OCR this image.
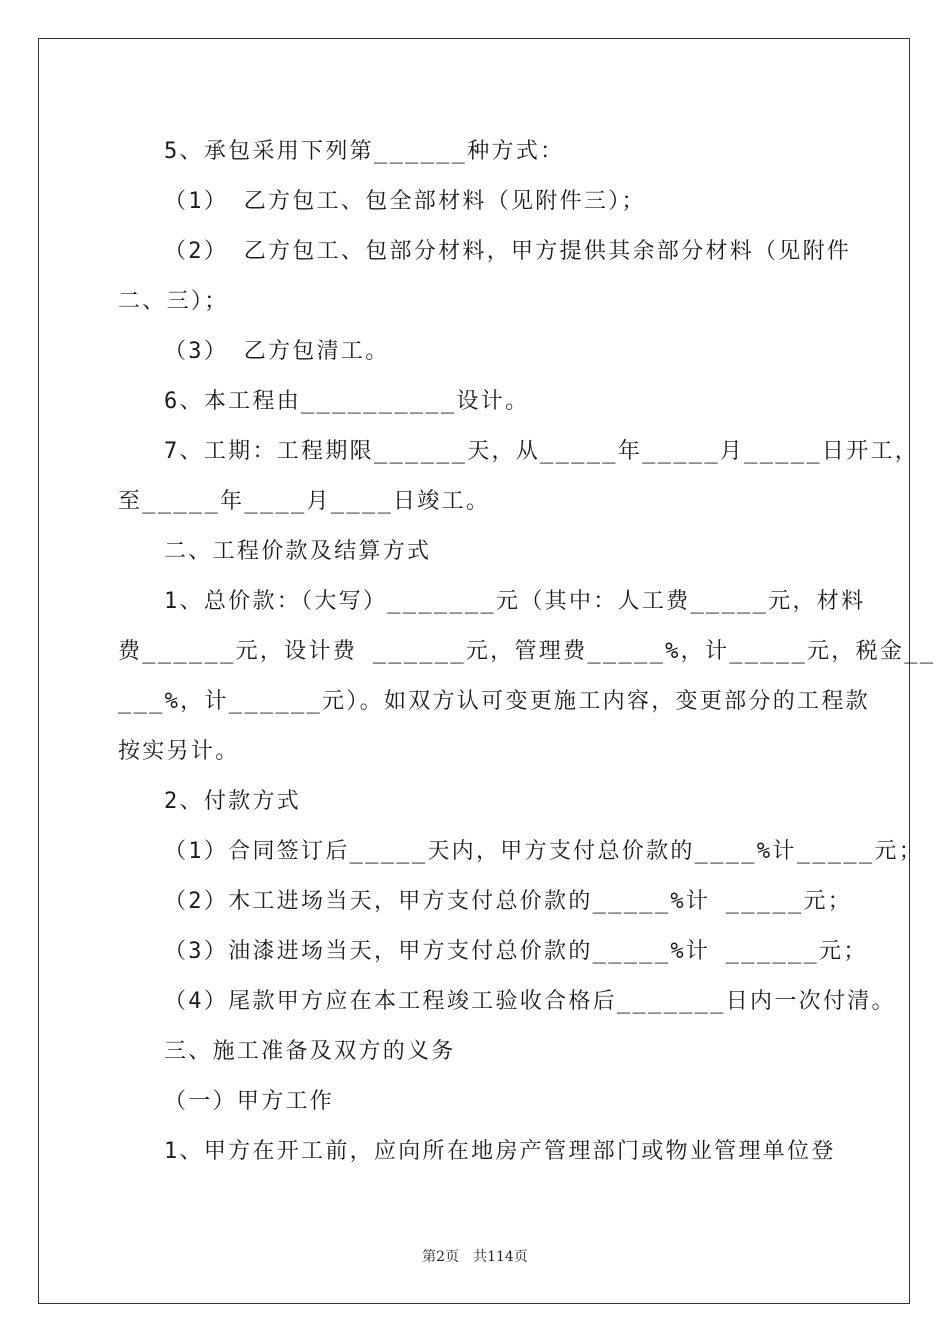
5、承包采用下列第______种方式：
（1） 乙方包工、包全部材料（见附件三）；
（2） 乙方包工、包部分材料，甲方提供其余部分材料（见附件
二、三）；
（3） 乙方包清工。
6、本工程由__________设计。
7、工期：工程期限______天，从_____年_____月_____日开工，
至_____年____月____日竣工。
二、工程价款及结算方式
1、总价款：（大写）_______元（其中：人工费_____元，材料
费______元，设计费 ______元，管理费_____%，计_____元，税金__
___%，计______元）。如双方认可变更施工内容，变更部分的工程款
按实另计。
2、付款方式
（1）合同签订后_____天内，甲方支付总价款的____%计_____元；
（2）木工进场当天，甲方支付总价款的_____%计 _____元；
（3）油漆进场当天，甲方支付总价款的_____%计 ______元；
（4）尾款甲方应在本工程竣工验收合格后_______日内一次付清。
三、施工准备及双方的义务
（一）甲方工作
1、甲方在开工前，应向所在地房产管理部门或物业管理单位登
第2页 共114页
